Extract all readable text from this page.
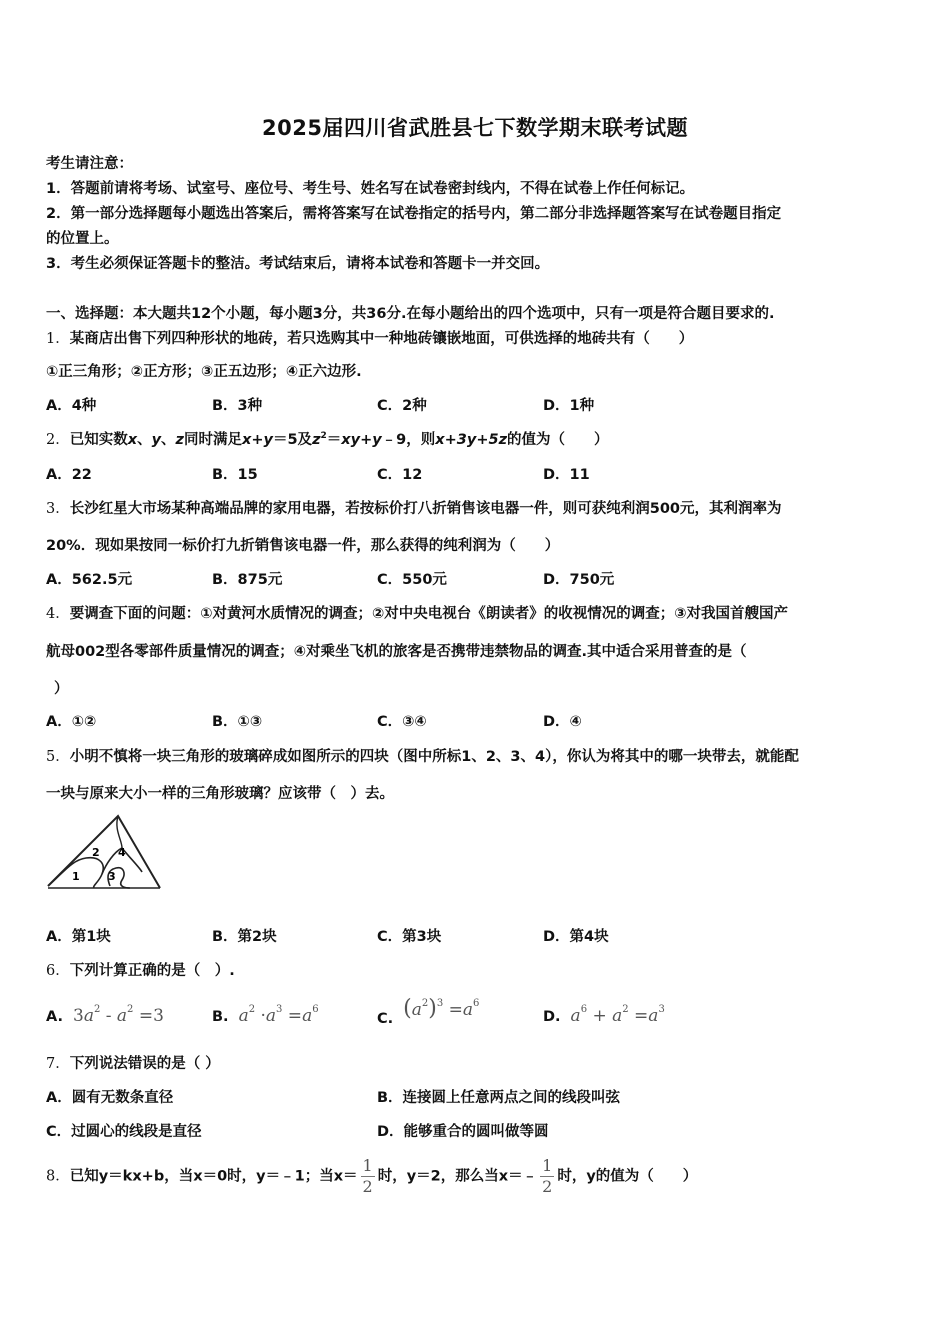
2025届四川省武胜县七下数学期末联考试题
考生请注意：
1．答题前请将考场、试室号、座位号、考生号、姓名写在试卷密封线内，不得在试卷上作任何标记。
2．第一部分选择题每小题选出答案后，需将答案写在试卷指定的括号内，第二部分非选择题答案写在试卷题目指定
的位置上。
3．考生必须保证答题卡的整洁。考试结束后，请将本试卷和答题卡一并交回。
一、选择题：本大题共12个小题，每小题3分，共36分.在每小题给出的四个选项中，只有一项是符合题目要求的.
1．某商店出售下列四种形状的地砖，若只选购其中一种地砖镶嵌地面，可供选择的地砖共有（　　）
①正三角形；②正方形；③正五边形；④正六边形.
A．4种	B．3种	C．2种	D．1种
2．已知实数x、y、z同时满足x+y＝5及$z^2=xy+y﹣9$，则x+3y+5z的值为（　　）
A．22	B．15	C．12	D．11
3．长沙红星大市场某种高端品牌的家用电器，若按标价打八折销售该电器一件，则可获纯利润500元，其利润率为
20%．现如果按同一标价打九折销售该电器一件，那么获得的纯利润为（　　）
A．562.5元	B．875元	C．550元	D．750元
4．要调查下面的问题：①对黄河水质情况的调查；②对中央电视台《朗读者》的收视情况的调查；③对我国首艘国产
航母002型各零部件质量情况的调查；④对乘坐飞机的旅客是否携带违禁物品的调查.其中适合采用普查的是（
）
A．①②	B．①③	C．③④	D．④
5．小明不慎将一块三角形的玻璃碎成如图所示的四块（图中所标1、2、3、4），你认为将其中的哪一块带去，就能配
一块与原来大小一样的三角形玻璃？应该带（　）去。
1
2
3
4
A．第1块	B．第2块	C．第3块	D．第4块
6．下列计算正确的是（　）.
A. $3a^2 - a^2 =3$	B. $a^2 \cdot a^3 =a^6$
C. $(a^2)^3 =a^6$
D. $a^6 + a^2 =a^3$
7．下列说法错误的是（ ）
A．圆有无数条直径	B．连接圆上任意两点之间的线段叫弦
C．过圆心的线段是直径	D．能够重合的圆叫做等圆
8．已知y＝kx+b，当x＝0时，y＝﹣1；当$x= \frac{1}{2}$ 时，y＝2，那么当x＝﹣ $\frac{1}{2}$ 时，y的值为（　　）
